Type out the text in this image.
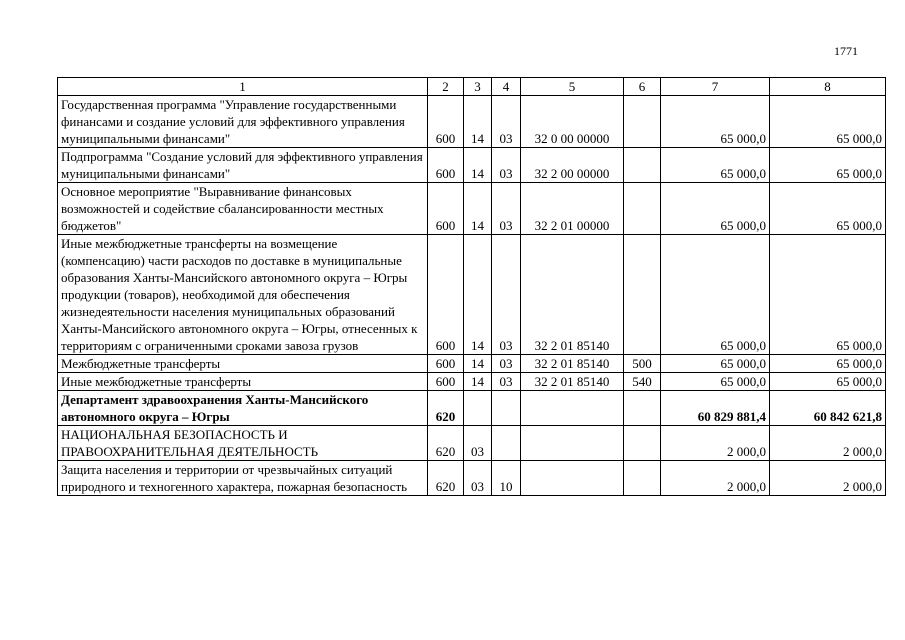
1771
1	2	3	4	5	6	7	8
Государственная программа "Управление государственными финансами и создание условий для эффективного управления муниципальными финансами"	600	14	03	32 0 00 00000		65 000,0	65 000,0
Подпрограмма "Создание условий для эффективного управления муниципальными финансами"	600	14	03	32 2 00 00000		65 000,0	65 000,0
Основное мероприятие "Выравнивание финансовых возможностей и содействие сбалансированности местных бюджетов"	600	14	03	32 2 01 00000		65 000,0	65 000,0
Иные межбюджетные трансферты на возмещение (компенсацию) части расходов по доставке в муниципальные образования Ханты-Мансийского автономного округа – Югры продукции (товаров), необходимой для обеспечения жизнедеятельности населения муниципальных образований Ханты-Мансийского автономного округа – Югры, отнесенных к территориям с ограниченными сроками завоза грузов	600	14	03	32 2 01 85140		65 000,0	65 000,0
Межбюджетные трансферты	600	14	03	32 2 01 85140	500	65 000,0	65 000,0
Иные межбюджетные трансферты	600	14	03	32 2 01 85140	540	65 000,0	65 000,0
Департамент здравоохранения Ханты-Мансийского автономного округа – Югры	620					60 829 881,4	60 842 621,8
НАЦИОНАЛЬНАЯ БЕЗОПАСНОСТЬ И ПРАВООХРАНИТЕЛЬНАЯ ДЕЯТЕЛЬНОСТЬ	620	03				2 000,0	2 000,0
Защита населения и территории от чрезвычайных ситуаций природного и техногенного характера, пожарная безопасность	620	03	10			2 000,0	2 000,0
